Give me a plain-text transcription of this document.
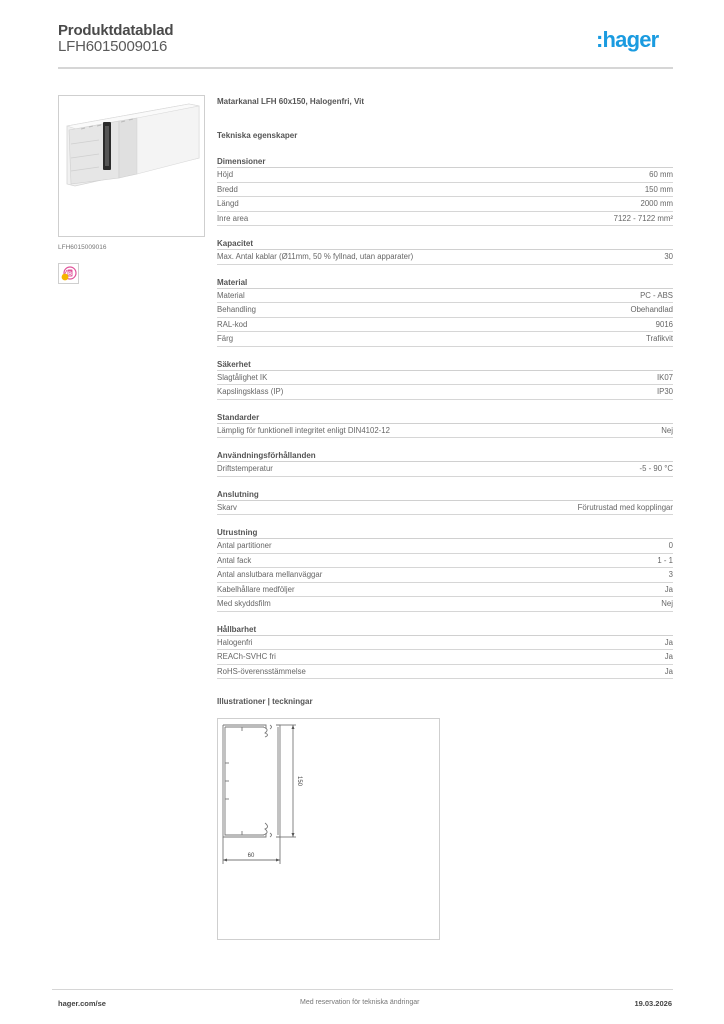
Produktdatablad
LFH6015009016	:hager
LFH6015009016
B
Matarkanal LFH 60x150, Halogenfri, Vit
Tekniska egenskaper
Dimensioner
Höjd	60 mm
Bredd	150 mm
Längd	2000 mm
Inre area	7122 - 7122 mm²
Kapacitet
Max. Antal kablar (Ø11mm, 50 % fyllnad, utan apparater)	30
Material
Material	PC - ABS
Behandling	Obehandlad
RAL-kod	9016
Färg	Trafikvit
Säkerhet
Slagtålighet IK	IK07
Kapslingsklass (IP)	IP30
Standarder
Lämplig för funktionell integritet enligt DIN4102-12	Nej
Användningsförhållanden
Driftstemperatur	-5 - 90 °C
Anslutning
Skarv	Förutrustad med kopplingar
Utrustning
Antal partitioner	0
Antal fack	1 - 1
Antal anslutbara mellanväggar	3
Kabelhållare medföljer	Ja
Med skyddsfilm	Nej
Hållbarhet
Halogenfri	Ja
REACh-SVHC fri	Ja
RoHS-överensstämmelse	Ja
Illustrationer | teckningar
150
60
hager.com/se	Med reservation för tekniska ändringar	19.03.2026
